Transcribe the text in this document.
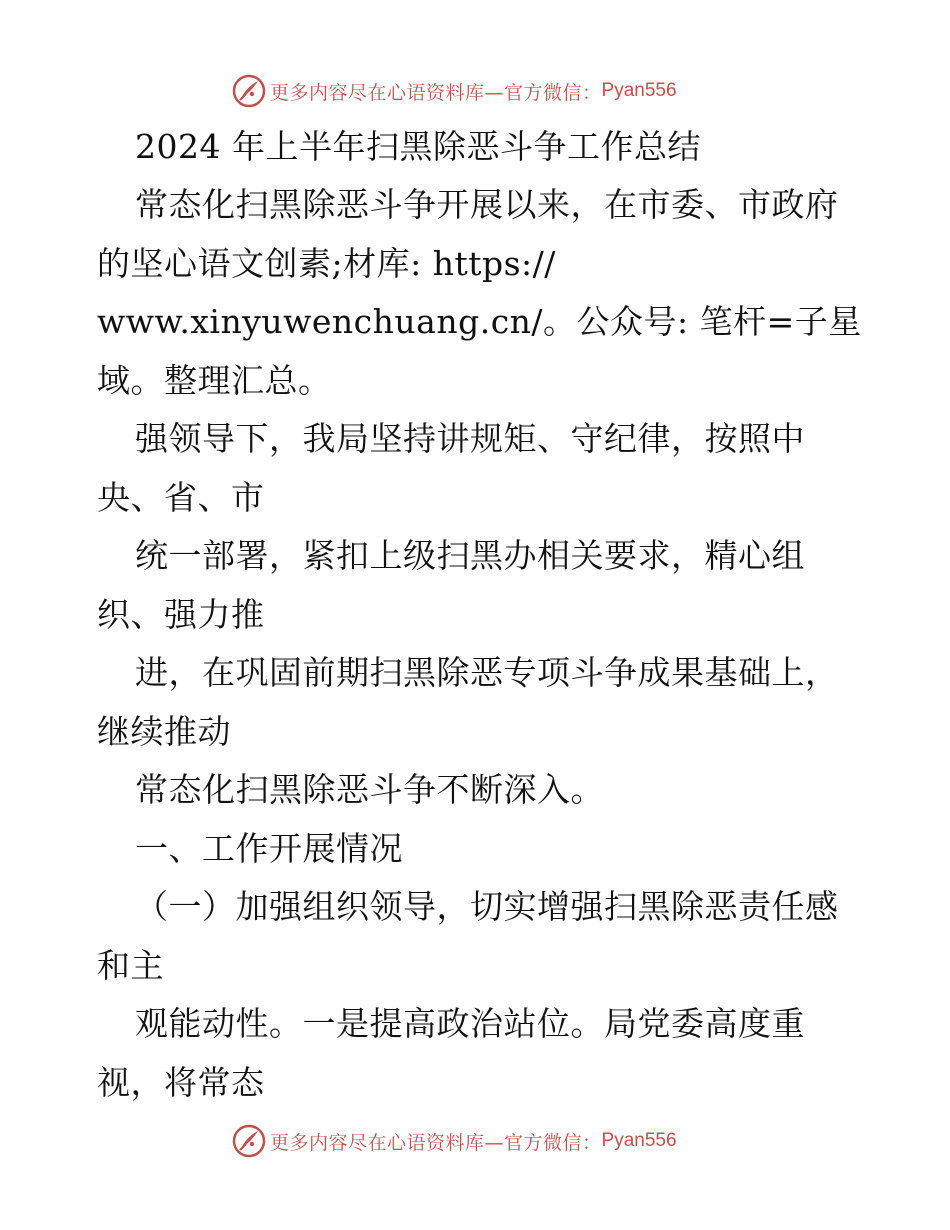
更多内容尽在心语资料库—官方微信： Pyan556

2024 年上半年扫黑除恶斗争工作总结

常态化扫黑除恶斗争开展以来，在市委、市政府

的坚心语文创素;材库: https://

www.xinyuwenchuang.cn/。公众号: 笔杆=子星

域。整理汇总。

强领导下，我局坚持讲规矩、守纪律，按照中

央、省、市

统一部署，紧扣上级扫黑办相关要求，精心组

织、强力推

进，在巩固前期扫黑除恶专项斗争成果基础上，

继续推动

常态化扫黑除恶斗争不断深入。

一、工作开展情况

（一）加强组织领导，切实增强扫黑除恶责任感

和主

观能动性。一是提高政治站位。局党委高度重

视，将常态

更多内容尽在心语资料库—官方微信： Pyan556
